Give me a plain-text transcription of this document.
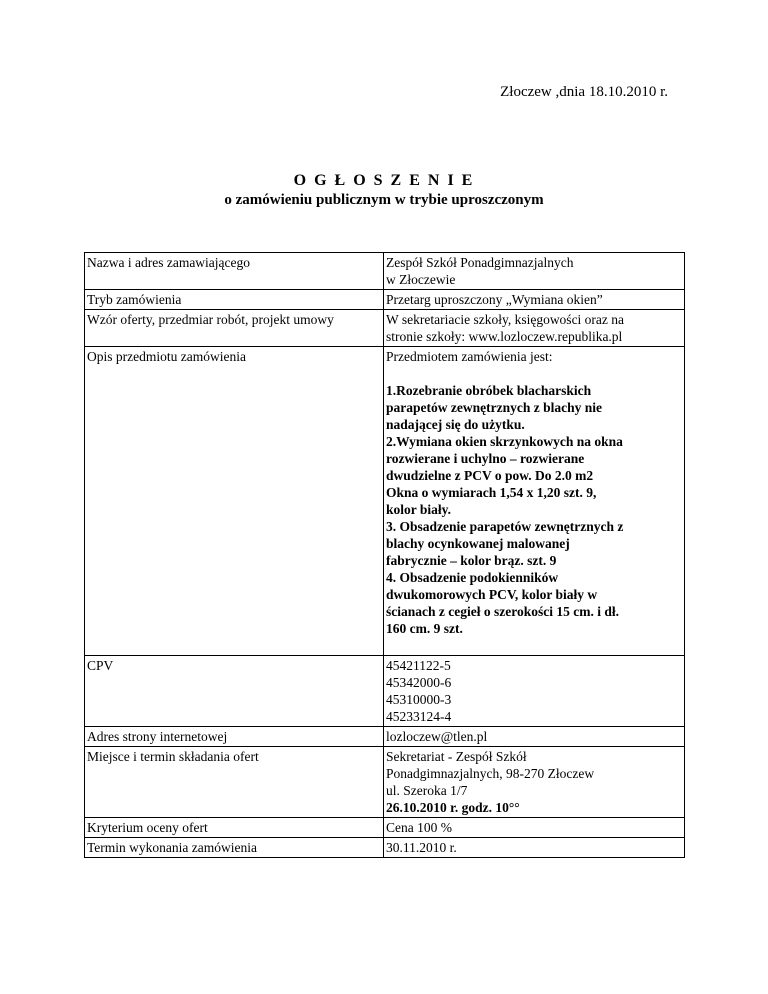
Złoczew ,dnia 18.10.2010 r.
O G Ł O S Z E N I E
o zamówieniu publicznym w trybie uproszczonym
Nazwa i adres zamawiającego	Zespół Szkół Ponadgimnazjalnych
w Złoczewie

Tryb zamówienia	Przetarg uproszczony „Wymiana okien”

Wzór oferty, przedmiar robót, projekt umowy	W sekretariacie szkoły, księgowości oraz na
stronie szkoły: www.lozloczew.republika.pl

Opis przedmiotu zamówienia	Przedmiotem zamówienia jest:
1.Rozebranie obróbek blacharskich parapetów zewnętrznych z blachy nie nadającej się do użytku.
2.Wymiana okien skrzynkowych na okna rozwierane i uchylno – rozwierane dwudzielne z PCV o pow. Do 2.0 m2 Okna o wymiarach 1,54 x 1,20 szt. 9, kolor biały.
3. Obsadzenie parapetów zewnętrznych z blachy ocynkowanej malowanej fabrycznie – kolor brąz. szt. 9
4. Obsadzenie podokienników dwukomorowych PCV, kolor biały w ścianach z cegieł o szerokości 15 cm. i dł. 160 cm. 9 szt.

CPV	45421122-5
45342000-6
45310000-3
45233124-4

Adres strony internetowej	lozloczew@tlen.pl

Miejsce i termin składania ofert	Sekretariat - Zespół Szkół
Ponadgimnazjalnych, 98-270 Złoczew
ul. Szeroka 1/7
26.10.2010 r. godz. 10°°

Kryterium oceny ofert	Cena 100 %

Termin wykonania zamówienia	30.11.2010 r.
